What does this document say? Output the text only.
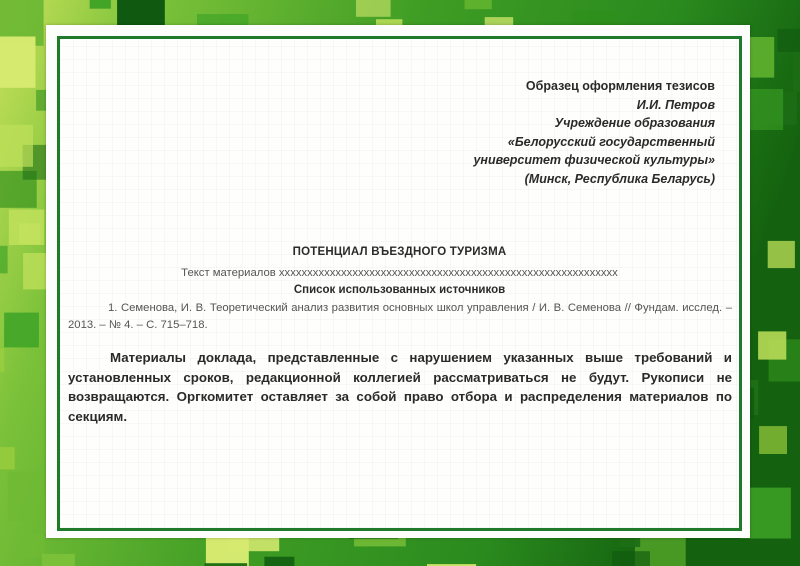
Образец оформления тезисов
И.И. Петров
Учреждение образования
«Белорусский государственный
университет физической культуры»
(Минск, Республика Беларусь)
ПОТЕНЦИАЛ ВЪЕЗДНОГО ТУРИЗМА
Текст материалов хххххххххххххххххххххххххххххххххххххххххххххххххххххххххххх
Список использованных источников
1. Семенова, И. В. Теоретический анализ развития основных школ управления / И. В. Семенова // Фундам. исслед. – 2013. – № 4. – С. 715–718.
Материалы доклада, представленные с нарушением указанных выше требований и установленных сроков, редакционной коллегией рассматриваться не будут. Рукописи не возвращаются. Оргкомитет оставляет за собой право отбора и распределения материалов по секциям.
